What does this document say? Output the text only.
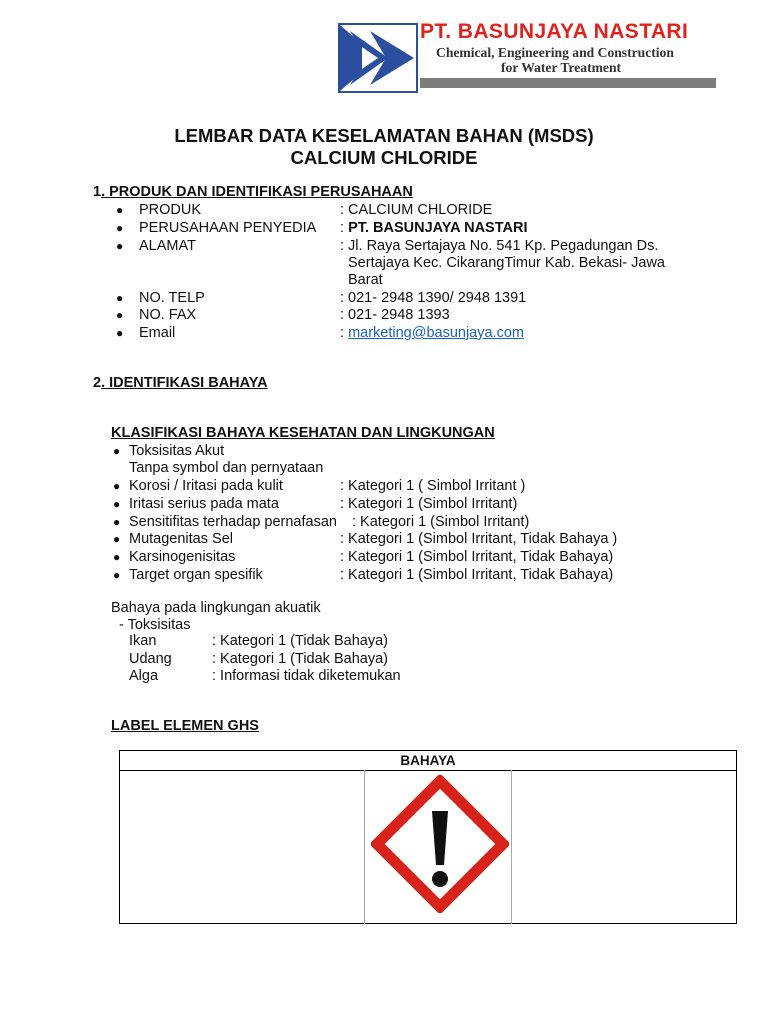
PT. BASUNJAYA NASTARI
Chemical, Engineering and Construction
for Water Treatment
LEMBAR DATA KESELAMATAN BAHAN (MSDS)
CALCIUM CHLORIDE
1. PRODUK DAN IDENTIFIKASI PERUSAHAAN
● PRODUK	: CALCIUM CHLORIDE
● PERUSAHAAN PENYEDIA : PT. BASUNJAYA NASTARI
● ALAMAT	: Jl. Raya Sertajaya No. 541 Kp. Pegadungan Ds.
Sertajaya Kec. CikarangTimur Kab. Bekasi- Jawa
Barat
● NO. TELP	: 021- 2948 1390/ 2948 1391
● NO. FAX	: 021- 2948 1393
● Email	: marketing@basunjaya.com
2. IDENTIFIKASI BAHAYA
KLASIFIKASI BAHAYA KESEHATAN DAN LINGKUNGAN
● Toksisitas Akut
Tanpa symbol dan pernyataan
● Korosi / Iritasi pada kulit	: Kategori 1 ( Simbol Irritant )
● Iritasi serius pada mata	: Kategori 1 (Simbol Irritant)
● Sensitifitas terhadap pernafasan : Kategori 1 (Simbol Irritant)
● Mutagenitas Sel	: Kategori 1 (Simbol Irritant, Tidak Bahaya )
● Karsinogenisitas	: Kategori 1 (Simbol Irritant, Tidak Bahaya)
● Target organ spesifik	: Kategori 1 (Simbol Irritant, Tidak Bahaya)
Bahaya pada lingkungan akuatik
- Toksisitas
Ikan	: Kategori 1 (Tidak Bahaya)
Udang	: Kategori 1 (Tidak Bahaya)
Alga	: Informasi tidak diketemukan
LABEL ELEMEN GHS
BAHAYA
